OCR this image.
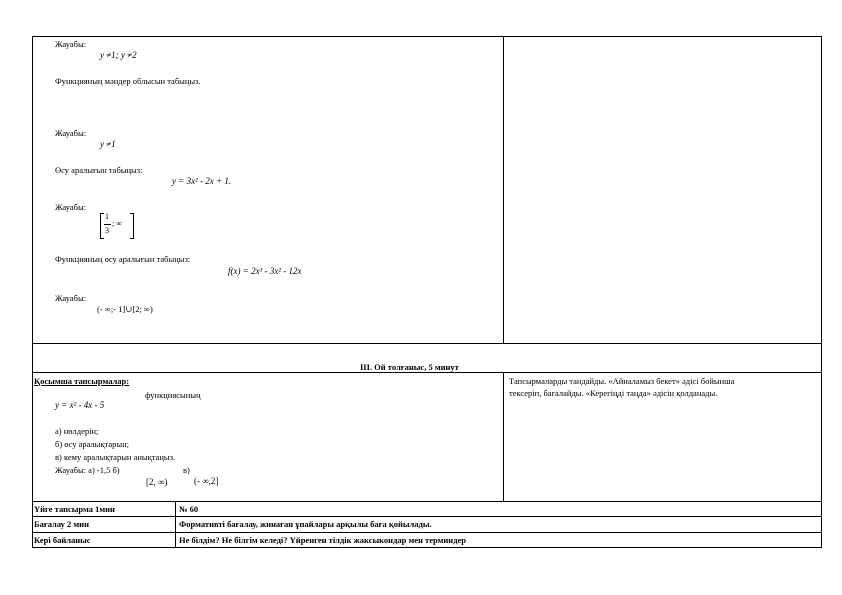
Жауабы:
y ≠1; y ≠2
Функцияның мәндер облысын табыңыз.
Жауабы:
y ≠1
Өсу аралығын табыңыз:
y = 3x² - 2x + 1.
Жауабы:
1
3
; ∞
Функцияның өсу аралығын табыңыз:
f(x) = 2x³ - 3x² - 12x
Жауабы:
(- ∞;- 1]∪[2; ∞)
ІІІ. Ой толғаныс, 5 минут
Қосымша тапсырмалар:
функциясының
y = x² - 4x - 5
а) нөлдерін;
б) өсу аралықтарын;
в) кему аралықтарын анықтаңыз.
Жауабы: а) -1,5 б)
[2, ∞)
в)
(- ∞,2]
Тапсырмаларды тандайды. «Айналамыз бекет» әдісі бойынша
тексеріп, бағалайды. «Керегіңді таңда» әдісін қолданады.
Үйге тапсырма 1мин	№ 60
Бағалау 2 мин	Формативті бағалау, жинаған ұпайлары арқылы баға қойылады.
Кері байланыс	Не білдім? Не білгім келеді? Үйренген тілдік жаксыкондар мен терминдер
